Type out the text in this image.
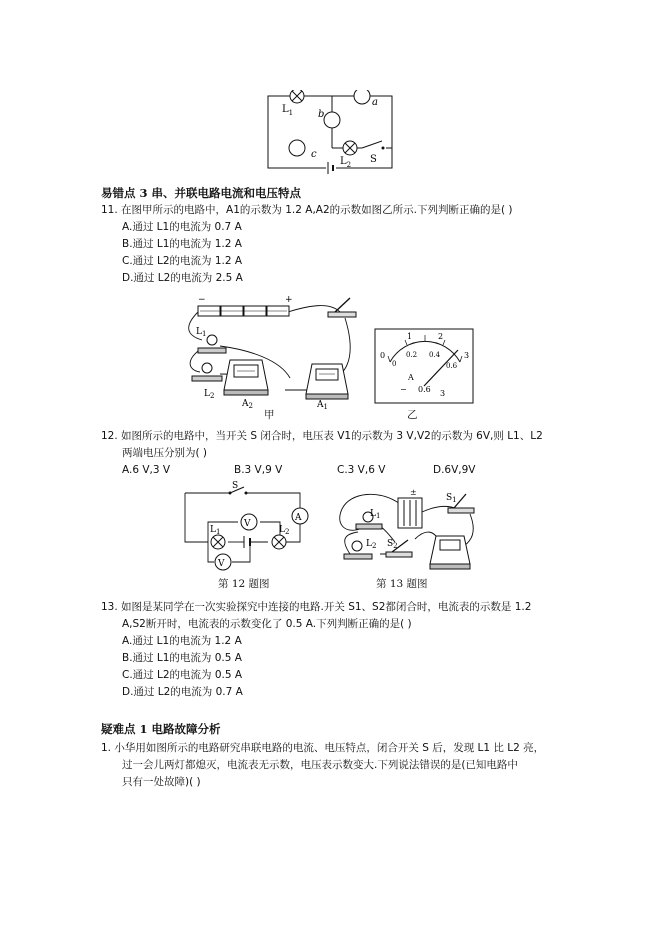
$L_1$
a
b
c
$L_2$ S
易错点 3 串、并联电路电流和电压特点
11. 在图甲所示的电路中，A1的示数为 1.2 A,A2的示数如图乙所示.下列判断正确的是( )
A.通过 L1的电流为 0.7 A
B.通过 L1的电流为 1.2 A
C.通过 L2的电流为 1.2 A
D.通过 L2的电流为 2.5 A
−	+
$L_1$
$L_2$
$A_2$	$A_1$
甲
0
1	2
3
0
0.2 0.4
0.6
A
− 0.6 3
乙
12. 如图所示的电路中，当开关 S 闭合时，电压表 V1的示数为 3 V,V2的示数为 6V,则 L1、L2
两端电压分别为( )
A.6 V,3 V	B.3 V,9 V	C.3 V,6 V	D.6V,9V
S
$L_1$	$L_2$
V
V
A
第 12 题图
±
$S_1$
$L_1$
$L_2$ $S_2$
第 13 题图
13. 如图是某同学在一次实验探究中连接的电路.开关 S1、S2都闭合时，电流表的示数是 1.2
A,S2断开时，电流表的示数变化了 0.5 A.下列判断正确的是( )
A.通过 L1的电流为 1.2 A
B.通过 L1的电流为 0.5 A
C.通过 L2的电流为 0.5 A
D.通过 L2的电流为 0.7 A
疑难点 1 电路故障分析
1. 小华用如图所示的电路研究串联电路的电流、电压特点，闭合开关 S 后，发现 L1 比 L2 亮，
过一会儿两灯都熄灭，电流表无示数，电压表示数变大.下列说法错误的是(已知电路中
只有一处故障)( )
